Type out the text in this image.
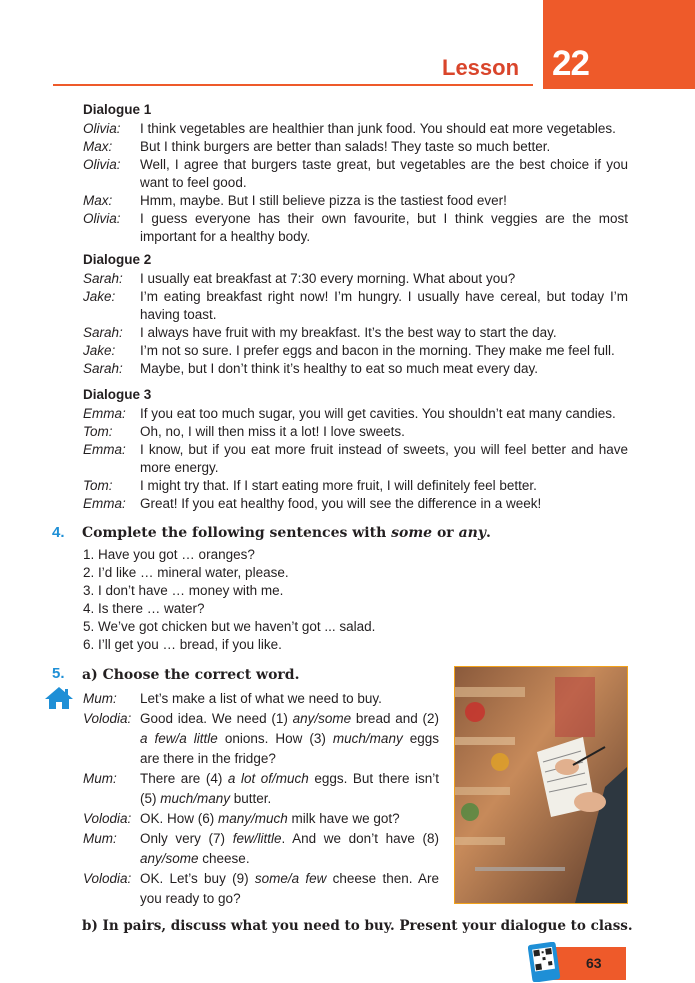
22
Lesson
Dialogue 1
Olivia: I think vegetables are healthier than junk food. You should eat more vegetables.
Max: But I think burgers are better than salads! They taste so much better.
Olivia: Well, I agree that burgers taste great, but vegetables are the best choice if you want to feel good.
Max: Hmm, maybe. But I still believe pizza is the tastiest food ever!
Olivia: I guess everyone has their own favourite, but I think veggies are the most important for a healthy body.
Dialogue 2
Sarah: I usually eat breakfast at 7:30 every morning. What about you?
Jake: I’m eating breakfast right now! I’m hungry. I usually have cereal, but today I’m having toast.
Sarah: I always have fruit with my breakfast. It’s the best way to start the day.
Jake: I’m not so sure. I prefer eggs and bacon in the morning. They make me feel full.
Sarah: Maybe, but I don’t think it’s healthy to eat so much meat every day.
Dialogue 3
Emma: If you eat too much sugar, you will get cavities. You shouldn’t eat many candies.
Tom: Oh, no, I will then miss it a lot! I love sweets.
Emma: I know, but if you eat more fruit instead of sweets, you will feel better and have more energy.
Tom: I might try that. If I start eating more fruit, I will definitely feel better.
Emma: Great! If you eat healthy food, you will see the difference in a week!
4. Complete the following sentences with some or any.
1. Have you got … oranges?
2. I’d like … mineral water, please.
3. I don’t have … money with me.
4. Is there … water?
5. We’ve got chicken but we haven’t got ... salad.
6. I’ll get you … bread, if you like.
5. a) Choose the correct word.
Mum: Let’s make a list of what we need to buy.
Volodia: Good idea. We need (1) any/some bread and (2) a few/a little onions. How (3) much/many eggs are there in the fridge?
Mum: There are (4) a lot of/much eggs. But there isn’t (5) much/many butter.
Volodia: OK. How (6) many/much milk have we got?
Mum: Only very (7) few/little. And we don’t have (8) any/some cheese.
Volodia: OK. Let’s buy (9) some/a few cheese then. Are you ready to go?
b) In pairs, discuss what you need to buy. Present your dialogue to class.
63
